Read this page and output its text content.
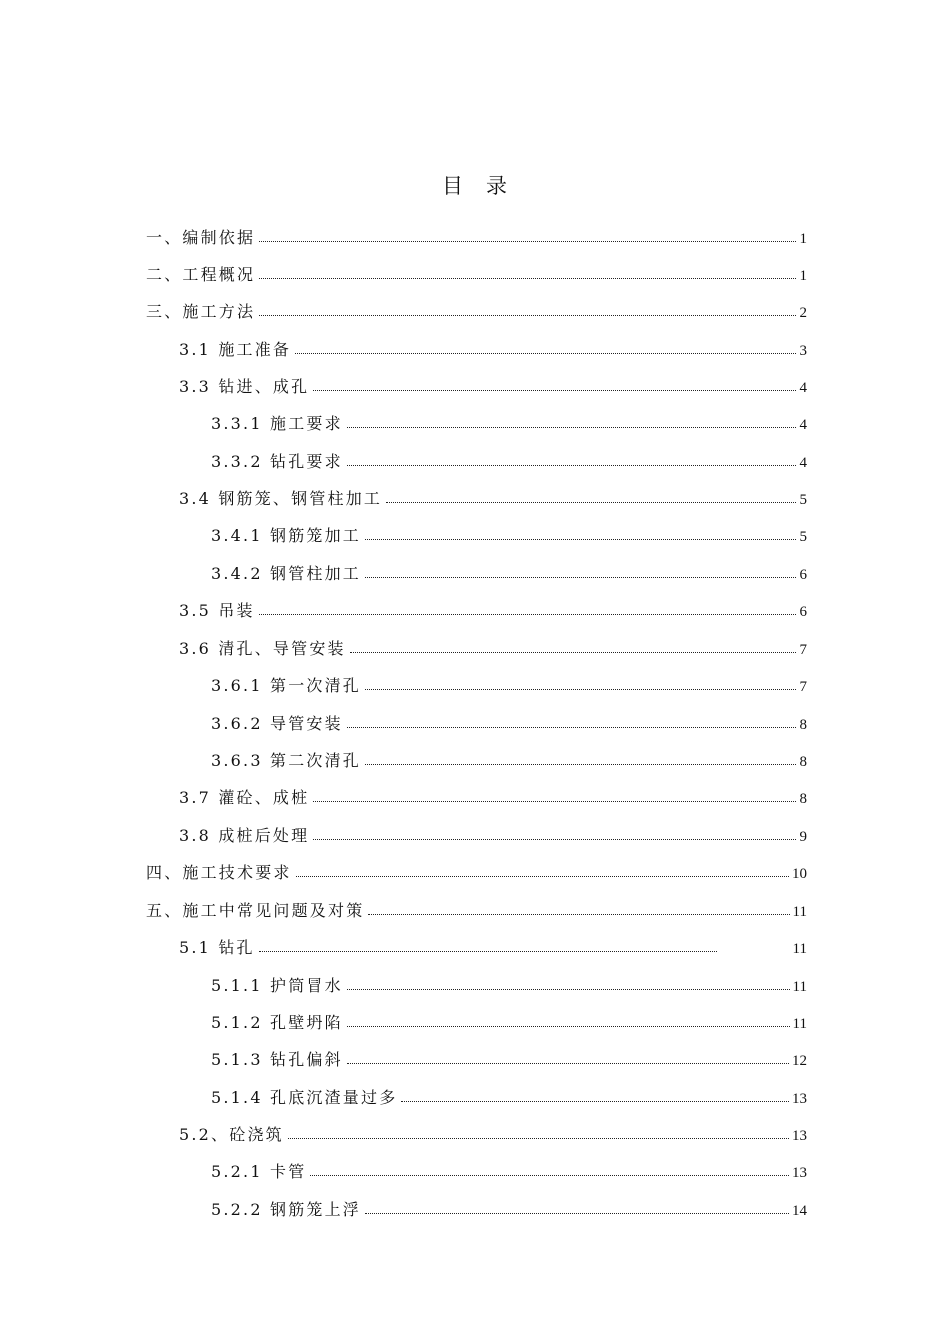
目　录
一、编制依据	1
二、工程概况	1
三、施工方法	2
3.1 施工准备	3
3.3 钻进、成孔	4
3.3.1 施工要求	4
3.3.2 钻孔要求	4
3.4 钢筋笼、钢管柱加工	5
3.4.1 钢筋笼加工	5
3.4.2 钢管柱加工	6
3.5 吊装	6
3.6 清孔、导管安装	7
3.6.1 第一次清孔	7
3.6.2 导管安装	8
3.6.3 第二次清孔	8
3.7 灌砼、成桩	8
3.8 成桩后处理	9
四、施工技术要求	10
五、施工中常见问题及对策	11
5.1 钻孔	11
5.1.1 护筒冒水	11
5.1.2 孔壁坍陷	11
5.1.3 钻孔偏斜	12
5.1.4 孔底沉渣量过多	13
5.2、砼浇筑	13
5.2.1 卡管	13
5.2.2 钢筋笼上浮	14
